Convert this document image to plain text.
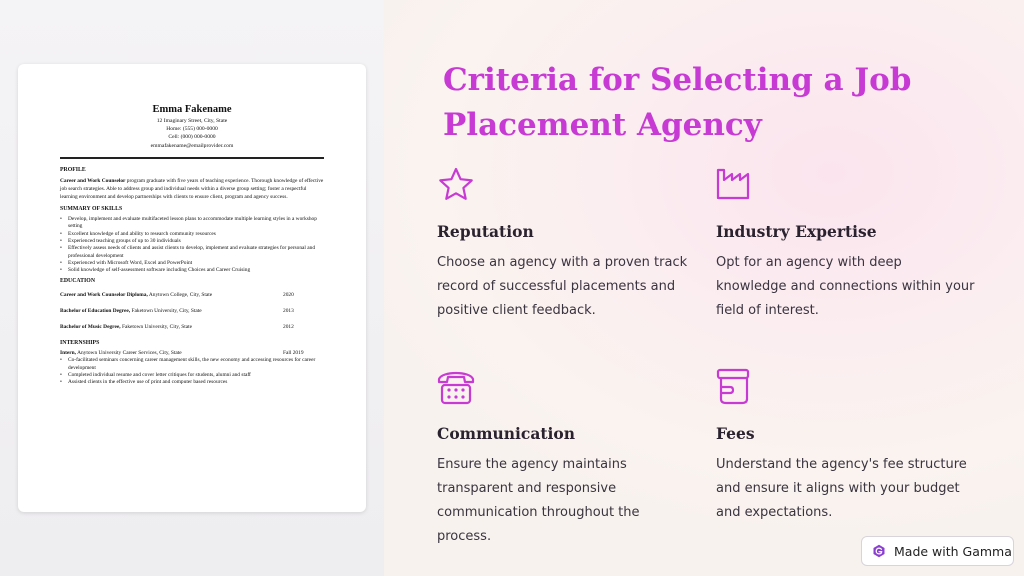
Emma Fakename
12 Imaginary Street, City, State
Home: (555) 000-0000
Cell: (000) 000-0000
emmafakename@emailprovider.com
PROFILE
Career and Work Counselor program graduate with five years of teaching experience. Thorough knowledge of effective job search strategies. Able to address group and individual needs within a diverse group setting; foster a respectful learning environment and develop partnerships with clients to ensure client, program and agency success.
SUMMARY OF SKILLS
• Develop, implement and evaluate multifaceted lesson plans to accommodate multiple learning styles in a workshop setting
• Excellent knowledge of and ability to research community resources
• Experienced teaching groups of up to 30 individuals
• Effectively assess needs of clients and assist clients to develop, implement and evaluate strategies for personal and professional development
• Experienced with Microsoft Word, Excel and PowerPoint
• Solid knowledge of self-assessment software including Choices and Career Cruising
EDUCATION
Career and Work Counselor Diploma, Anytown College, City, State	2020
Bachelor of Education Degree, Faketown University, City, State	2013
Bachelor of Music Degree, Faketown University, City, State	2012
INTERNSHIPS
Intern, Anytown University Career Services, City, State	Fall 2019
• Co-facilitated seminars concerning career management skills, the new economy and accessing resources for career development
• Completed individual resume and cover letter critiques for students, alumni and staff
• Assisted clients in the effective use of print and computer based resources
Criteria for Selecting a Job Placement Agency
Reputation
Choose an agency with a proven track record of successful placements and positive client feedback.
Industry Expertise
Opt for an agency with deep knowledge and connections within your field of interest.
Communication
Ensure the agency maintains transparent and responsive communication throughout the process.
Fees
Understand the agency's fee structure and ensure it aligns with your budget and expectations.
Made with Gamma
